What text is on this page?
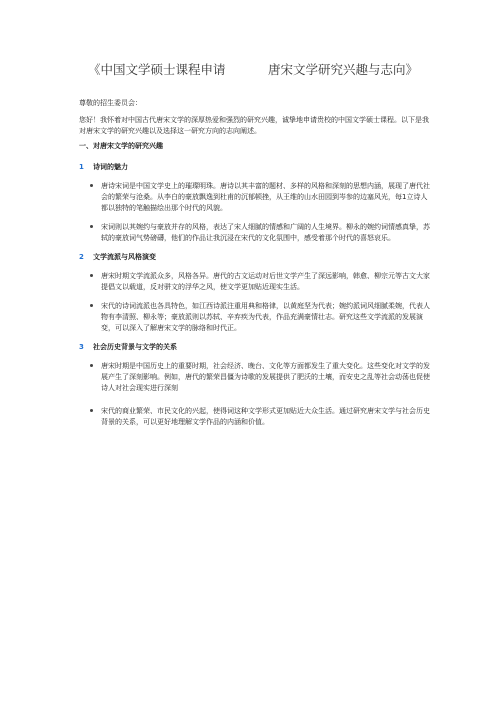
《中国文学硕士课程申请	唐宋文学研究兴趣与志向》
尊敬的招生委员会：
您好！我怀着对中国古代唐宋文学的深厚热爱和强烈的研究兴趣，诚挚地申请贵校的中国文学硕士课程。以下是我对唐宋文学的研究兴趣以及选择这一研究方向的志向阐述。
一、对唐宋文学的研究兴趣
1	诗词的魅力
唐诗宋词是中国文学史上的璀璨明珠。唐诗以其丰富的题材、多样的风格和深刻的思想内涵，展现了唐代社会的繁荣与沧桑。从李白的豪放飘逸到杜甫的沉郁顿挫，从王维的山水田园到岑参的边塞风光，每1立诗人都以独特的笔触描绘出那个时代的风貌。
宋词则以其婉约与豪放并存的风格，表达了宋人细腻的情感和广阔的人生境界。柳永的婉约词情感真挚，苏轼的豪放词气势磅礴，他们的作品让我沉浸在宋代的文化氛围中，感受着那个时代的喜怒哀乐。
2	文学流派与风格演变
唐宋时期文学流派众多，风格各异。唐代的古文运动对后世文学产生了深远影响，韩愈、柳宗元等古文大家提倡文以载道，反对骈文的浮华之风，使文学更加贴近现实生活。
宋代的诗词流派也各具特色，如江西诗派注重用典和格律，以黄庭坚为代表；婉约派词风细腻柔婉，代表人物有李清照、柳永等；豪放派则以苏轼、辛弃疾为代表，作品充满豪情壮志。研究这些文学流派的发展演变，可以深入了解唐宋文学的脉络和时代正。
3	社会历史背景与文学的关系
唐宋时期是中国历史上的重要时期，社会经济、晚台、文化等方面都发生了重大变化。这些变化对文学的发展产生了深刻影响。例如，唐代的繁荣昌僵为诗歌的发展提供了肥沃的土壤，而安史之乱等社会动荡也促使诗人对社会现实进行深刻
宋代的商业繁荣、市民文化的兴起，使得词这种文学形式更加贴近大众生活。通过研究唐宋文学与社会历史背景的关系，可以更好地理解文学作品的内涵和价值。
